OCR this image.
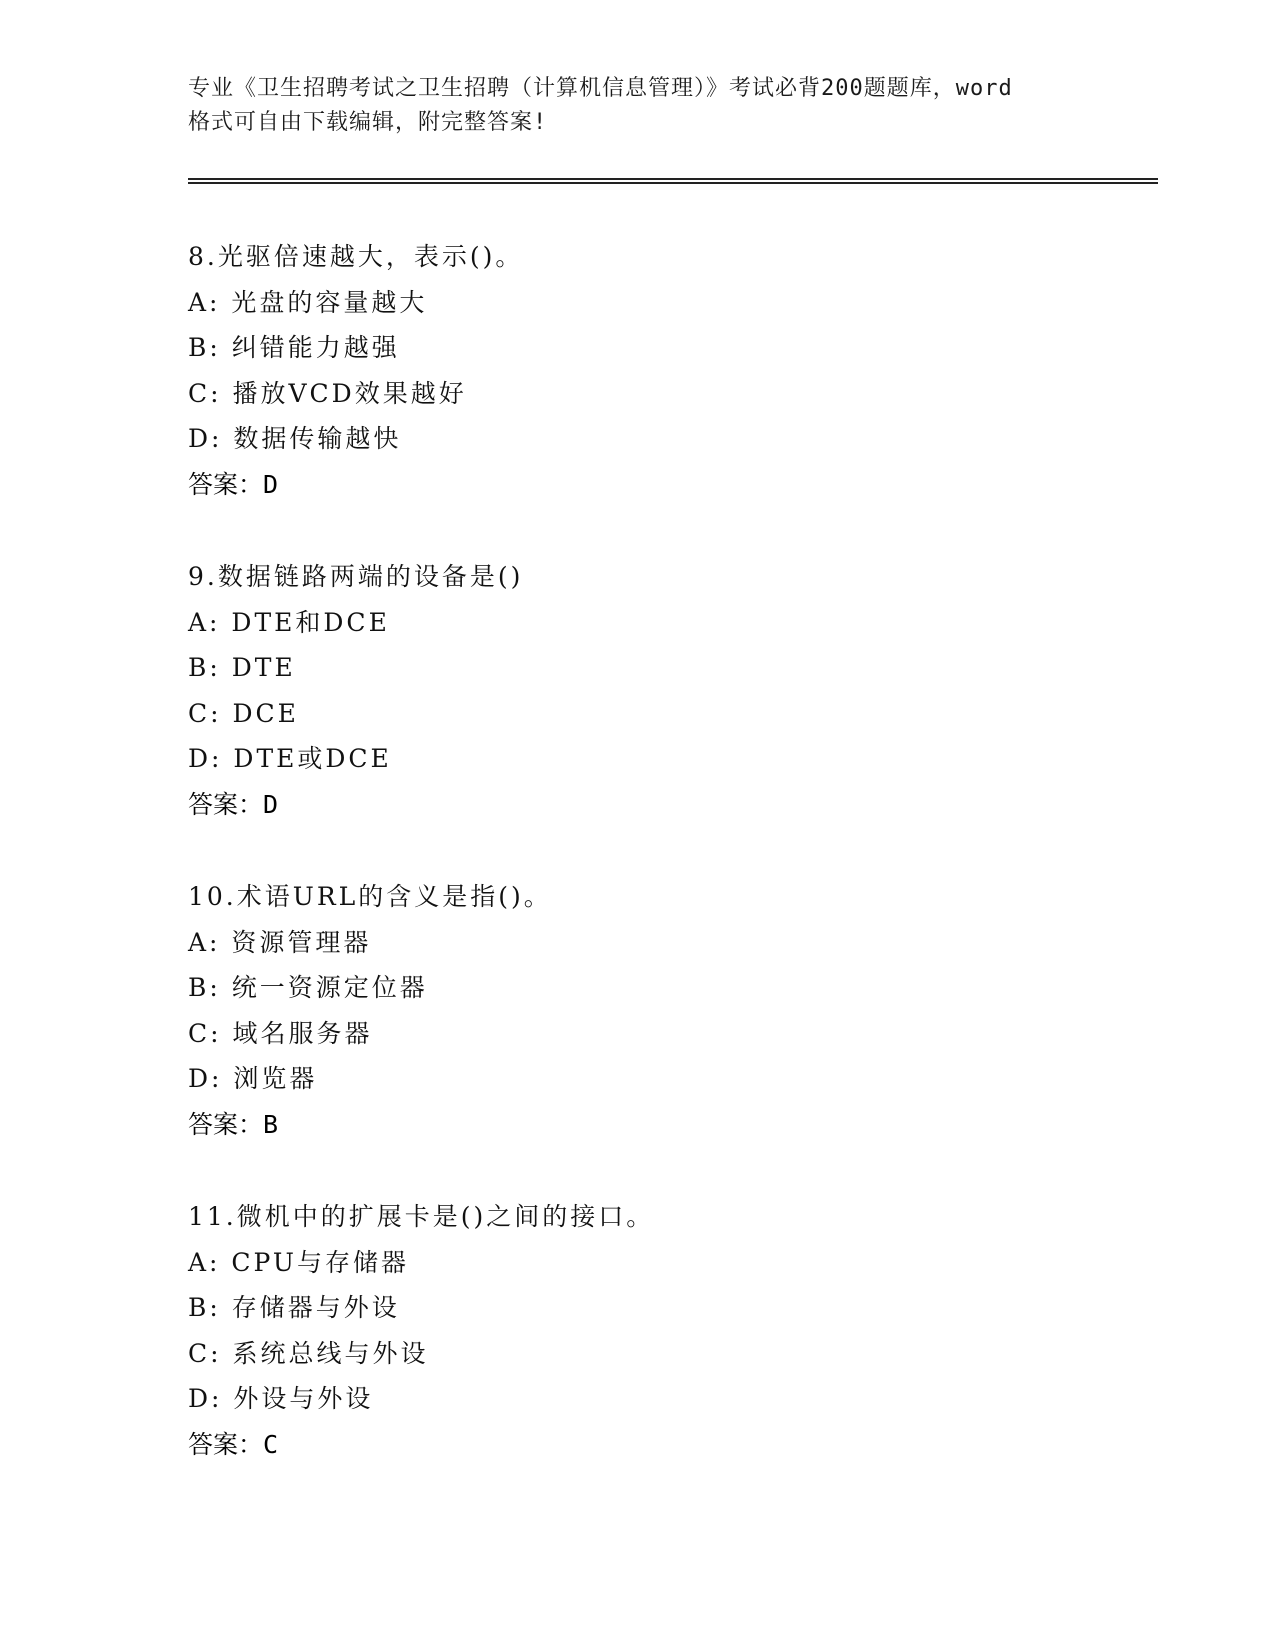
专业《卫生招聘考试之卫生招聘（计算机信息管理）》考试必背200题题库，word
格式可自由下载编辑，附完整答案!
8.光驱倍速越大，表示()。
A: 光盘的容量越大
B: 纠错能力越强
C: 播放VCD效果越好
D: 数据传输越快
答案：D
9.数据链路两端的设备是()
A: DTE和DCE
B: DTE
C: DCE
D: DTE或DCE
答案：D
10.术语URL的含义是指()。
A: 资源管理器
B: 统一资源定位器
C: 域名服务器
D: 浏览器
答案：B
11.微机中的扩展卡是()之间的接口。
A: CPU与存储器
B: 存储器与外设
C: 系统总线与外设
D: 外设与外设
答案：C
